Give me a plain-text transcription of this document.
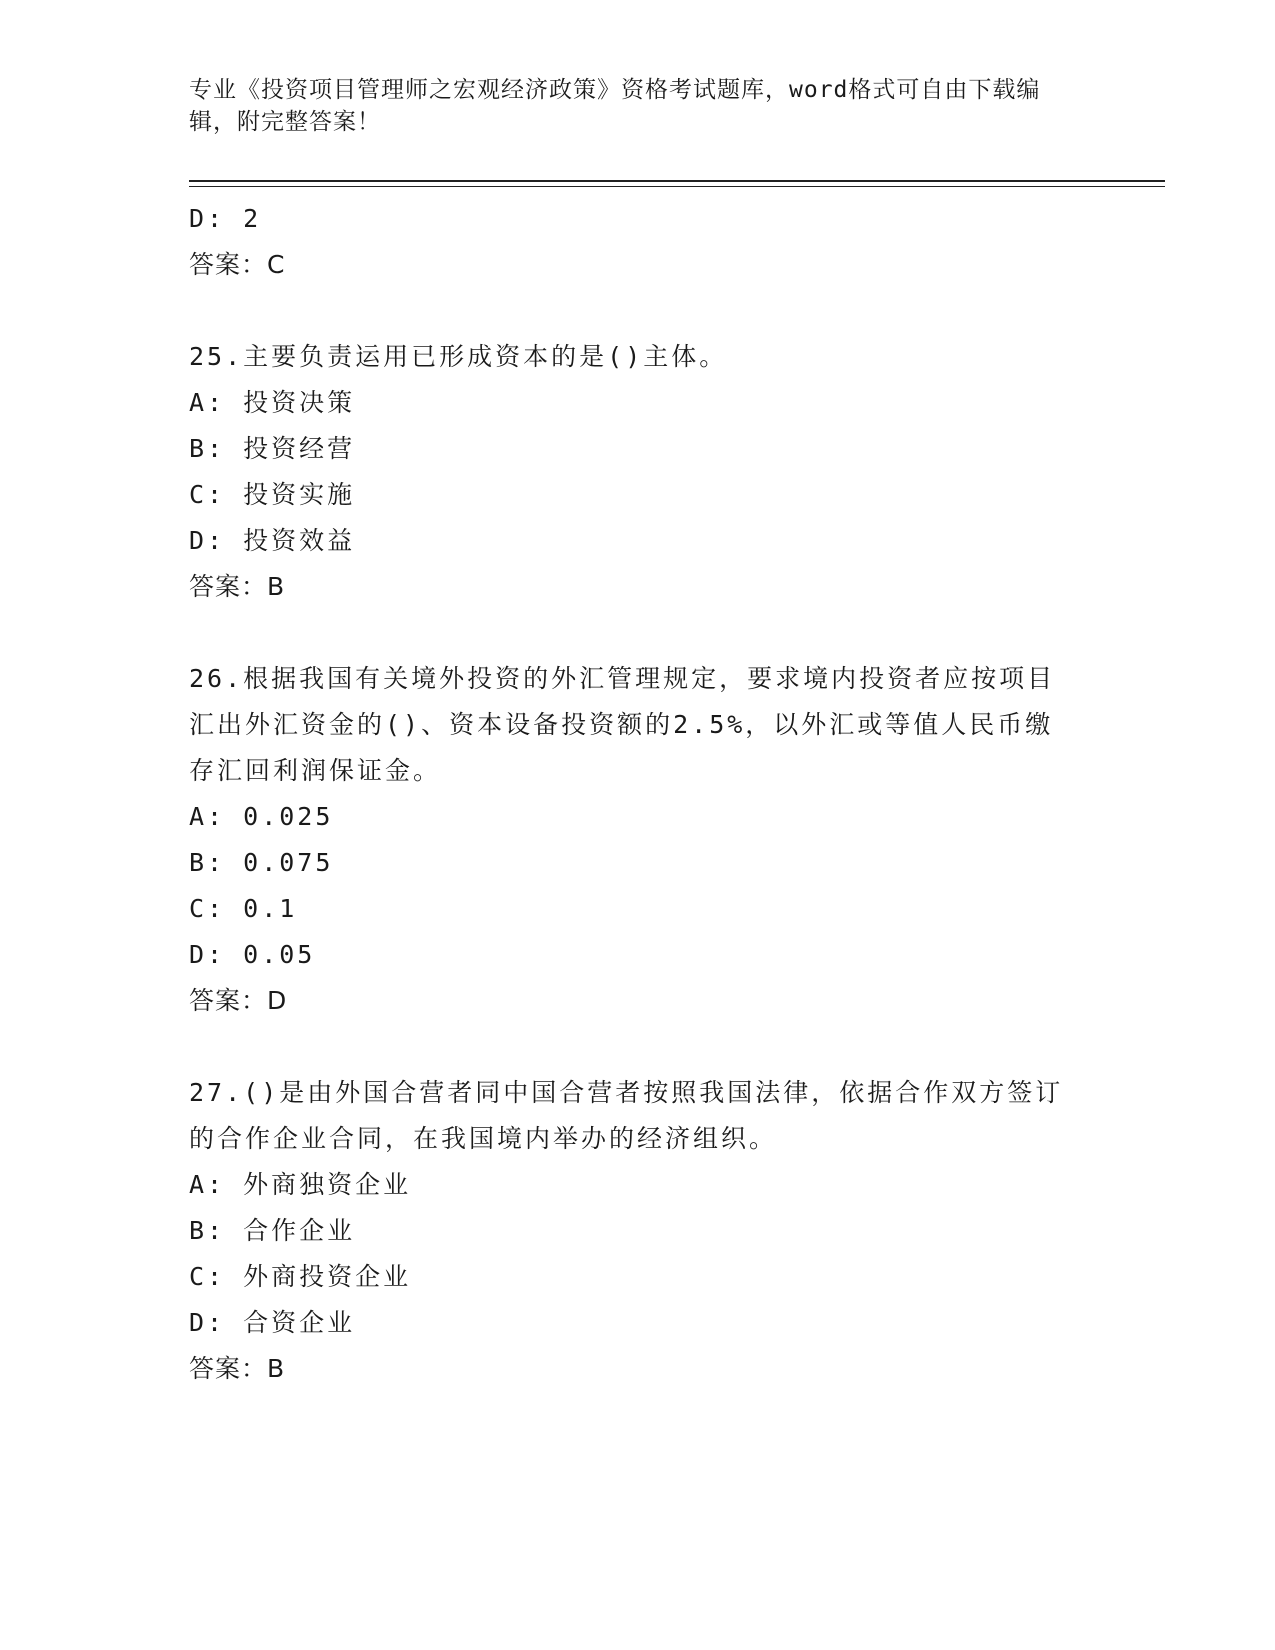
专业《投资项目管理师之宏观经济政策》资格考试题库，word格式可自由下载编
辑，附完整答案！
D: 2
答案：C
25.主要负责运用已形成资本的是()主体。
A: 投资决策
B: 投资经营
C: 投资实施
D: 投资效益
答案：B
26.根据我国有关境外投资的外汇管理规定，要求境内投资者应按项目
汇出外汇资金的()、资本设备投资额的2.5%，以外汇或等值人民币缴
存汇回利润保证金。
A: 0.025
B: 0.075
C: 0.1
D: 0.05
答案：D
27.()是由外国合营者同中国合营者按照我国法律，依据合作双方签订
的合作企业合同，在我国境内举办的经济组织。
A: 外商独资企业
B: 合作企业
C: 外商投资企业
D: 合资企业
答案：B
